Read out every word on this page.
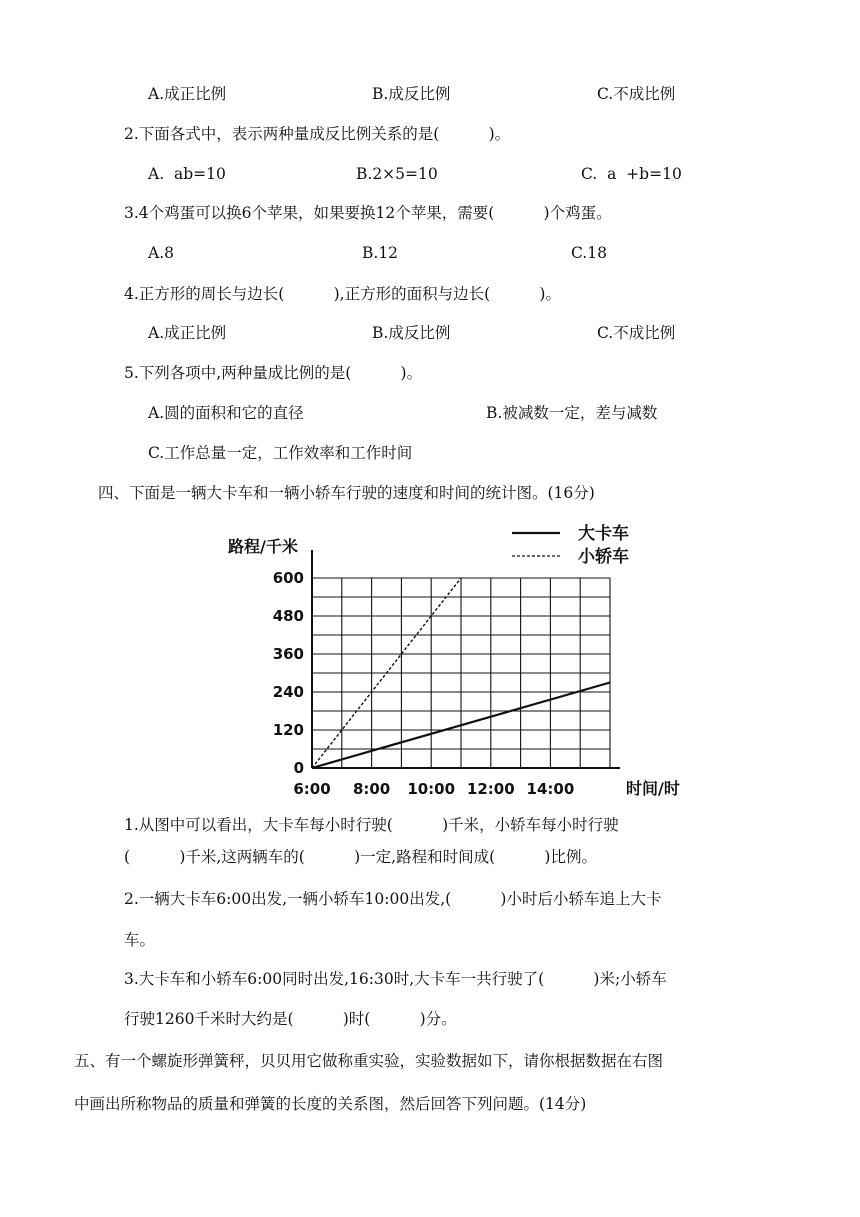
A.成正比例	B.成反比例	C.不成比例
2.下面各式中，表示两种量成反比例关系的是(          )。
A.  ab=10	B.2×5=10	C.  a  +b=10
3.4个鸡蛋可以换6个苹果，如果要换12个苹果，需要(          )个鸡蛋。
A.8	B.12	C.18
4.正方形的周长与边长(          ),正方形的面积与边长(          )。
A.成正比例	B.成反比例	C.不成比例
5.下列各项中,两种量成比例的是(          )。
A.圆的面积和它的直径	B.被减数一定，差与减数
C.工作总量一定，工作效率和工作时间
四、下面是一辆大卡车和一辆小轿车行驶的速度和时间的统计图。(16分)
0
120
240
360
480
600
6:00 8:00 10:00 12:00 14:00
路程/千米
时间/时
大卡车
小轿车
1.从图中可以看出，大卡车每小时行驶(          )千米，小轿车每小时行驶
(          )千米,这两辆车的(          )一定,路程和时间成(          )比例。
2.一辆大卡车6:00出发,一辆小轿车10:00出发,(          )小时后小轿车追上大卡
车。
3.大卡车和小轿车6:00同时出发,16:30时,大卡车一共行驶了(          )米;小轿车
行驶1260千米时大约是(          )时(          )分。
五、有一个螺旋形弹簧秤，贝贝用它做称重实验，实验数据如下，请你根据数据在右图
中画出所称物品的质量和弹簧的长度的关系图，然后回答下列问题。(14分)
